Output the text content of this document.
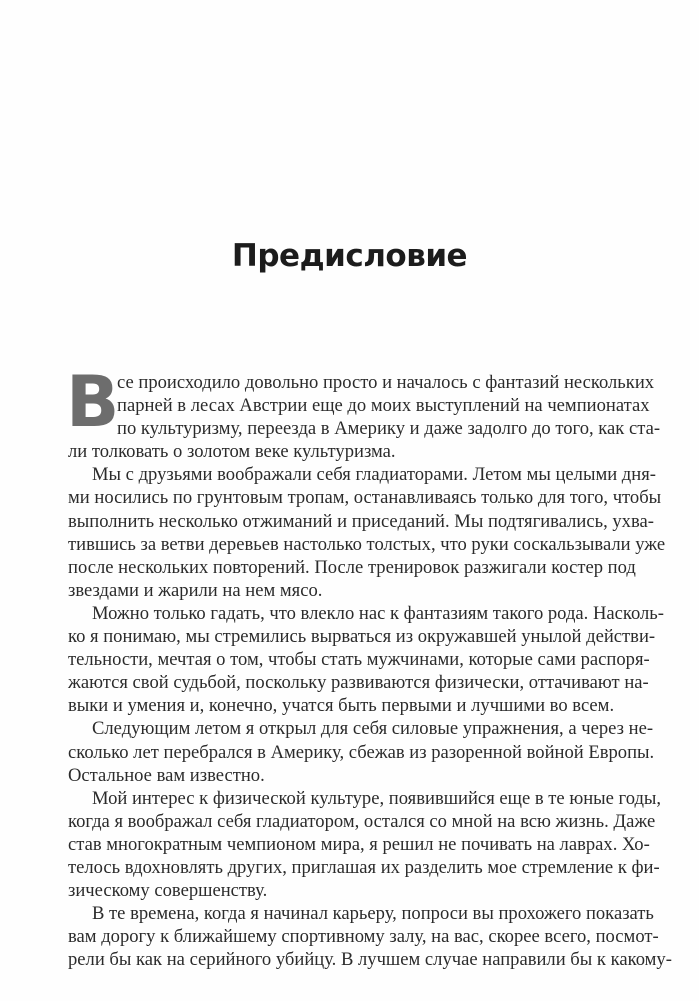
Предисловие
В
се происходило довольно просто и началось с фантазий нескольких
парней в лесах Австрии еще до моих выступлений на чемпионатах
по культуризму, переезда в Америку и даже задолго до того, как ста-
ли толковать о золотом веке культуризма.
Мы с друзьями воображали себя гладиаторами. Летом мы целыми дня-
ми носились по грунтовым тропам, останавливаясь только для того, чтобы
выполнить несколько отжиманий и приседаний. Мы подтягивались, ухва-
тившись за ветви деревьев настолько толстых, что руки соскальзывали уже
после нескольких повторений. После тренировок разжигали костер под
звездами и жарили на нем мясо.
Можно только гадать, что влекло нас к фантазиям такого рода. Насколь-
ко я понимаю, мы стремились вырваться из окружавшей унылой действи-
тельности, мечтая о том, чтобы стать мужчинами, которые сами распоря-
жаются свой судьбой, поскольку развиваются физически, оттачивают на-
выки и умения и, конечно, учатся быть первыми и лучшими во всем.
Следующим летом я открыл для себя силовые упражнения, а через не-
сколько лет перебрался в Америку, сбежав из разоренной войной Европы.
Остальное вам известно.
Мой интерес к физической культуре, появившийся еще в те юные годы,
когда я воображал себя гладиатором, остался со мной на всю жизнь. Даже
став многократным чемпионом мира, я решил не почивать на лаврах. Хо-
телось вдохновлять других, приглашая их разделить мое стремление к фи-
зическому совершенству.
В те времена, когда я начинал карьеру, попроси вы прохожего показать
вам дорогу к ближайшему спортивному залу, на вас, скорее всего, посмот-
рели бы как на серийного убийцу. В лучшем случае направили бы к какому-
